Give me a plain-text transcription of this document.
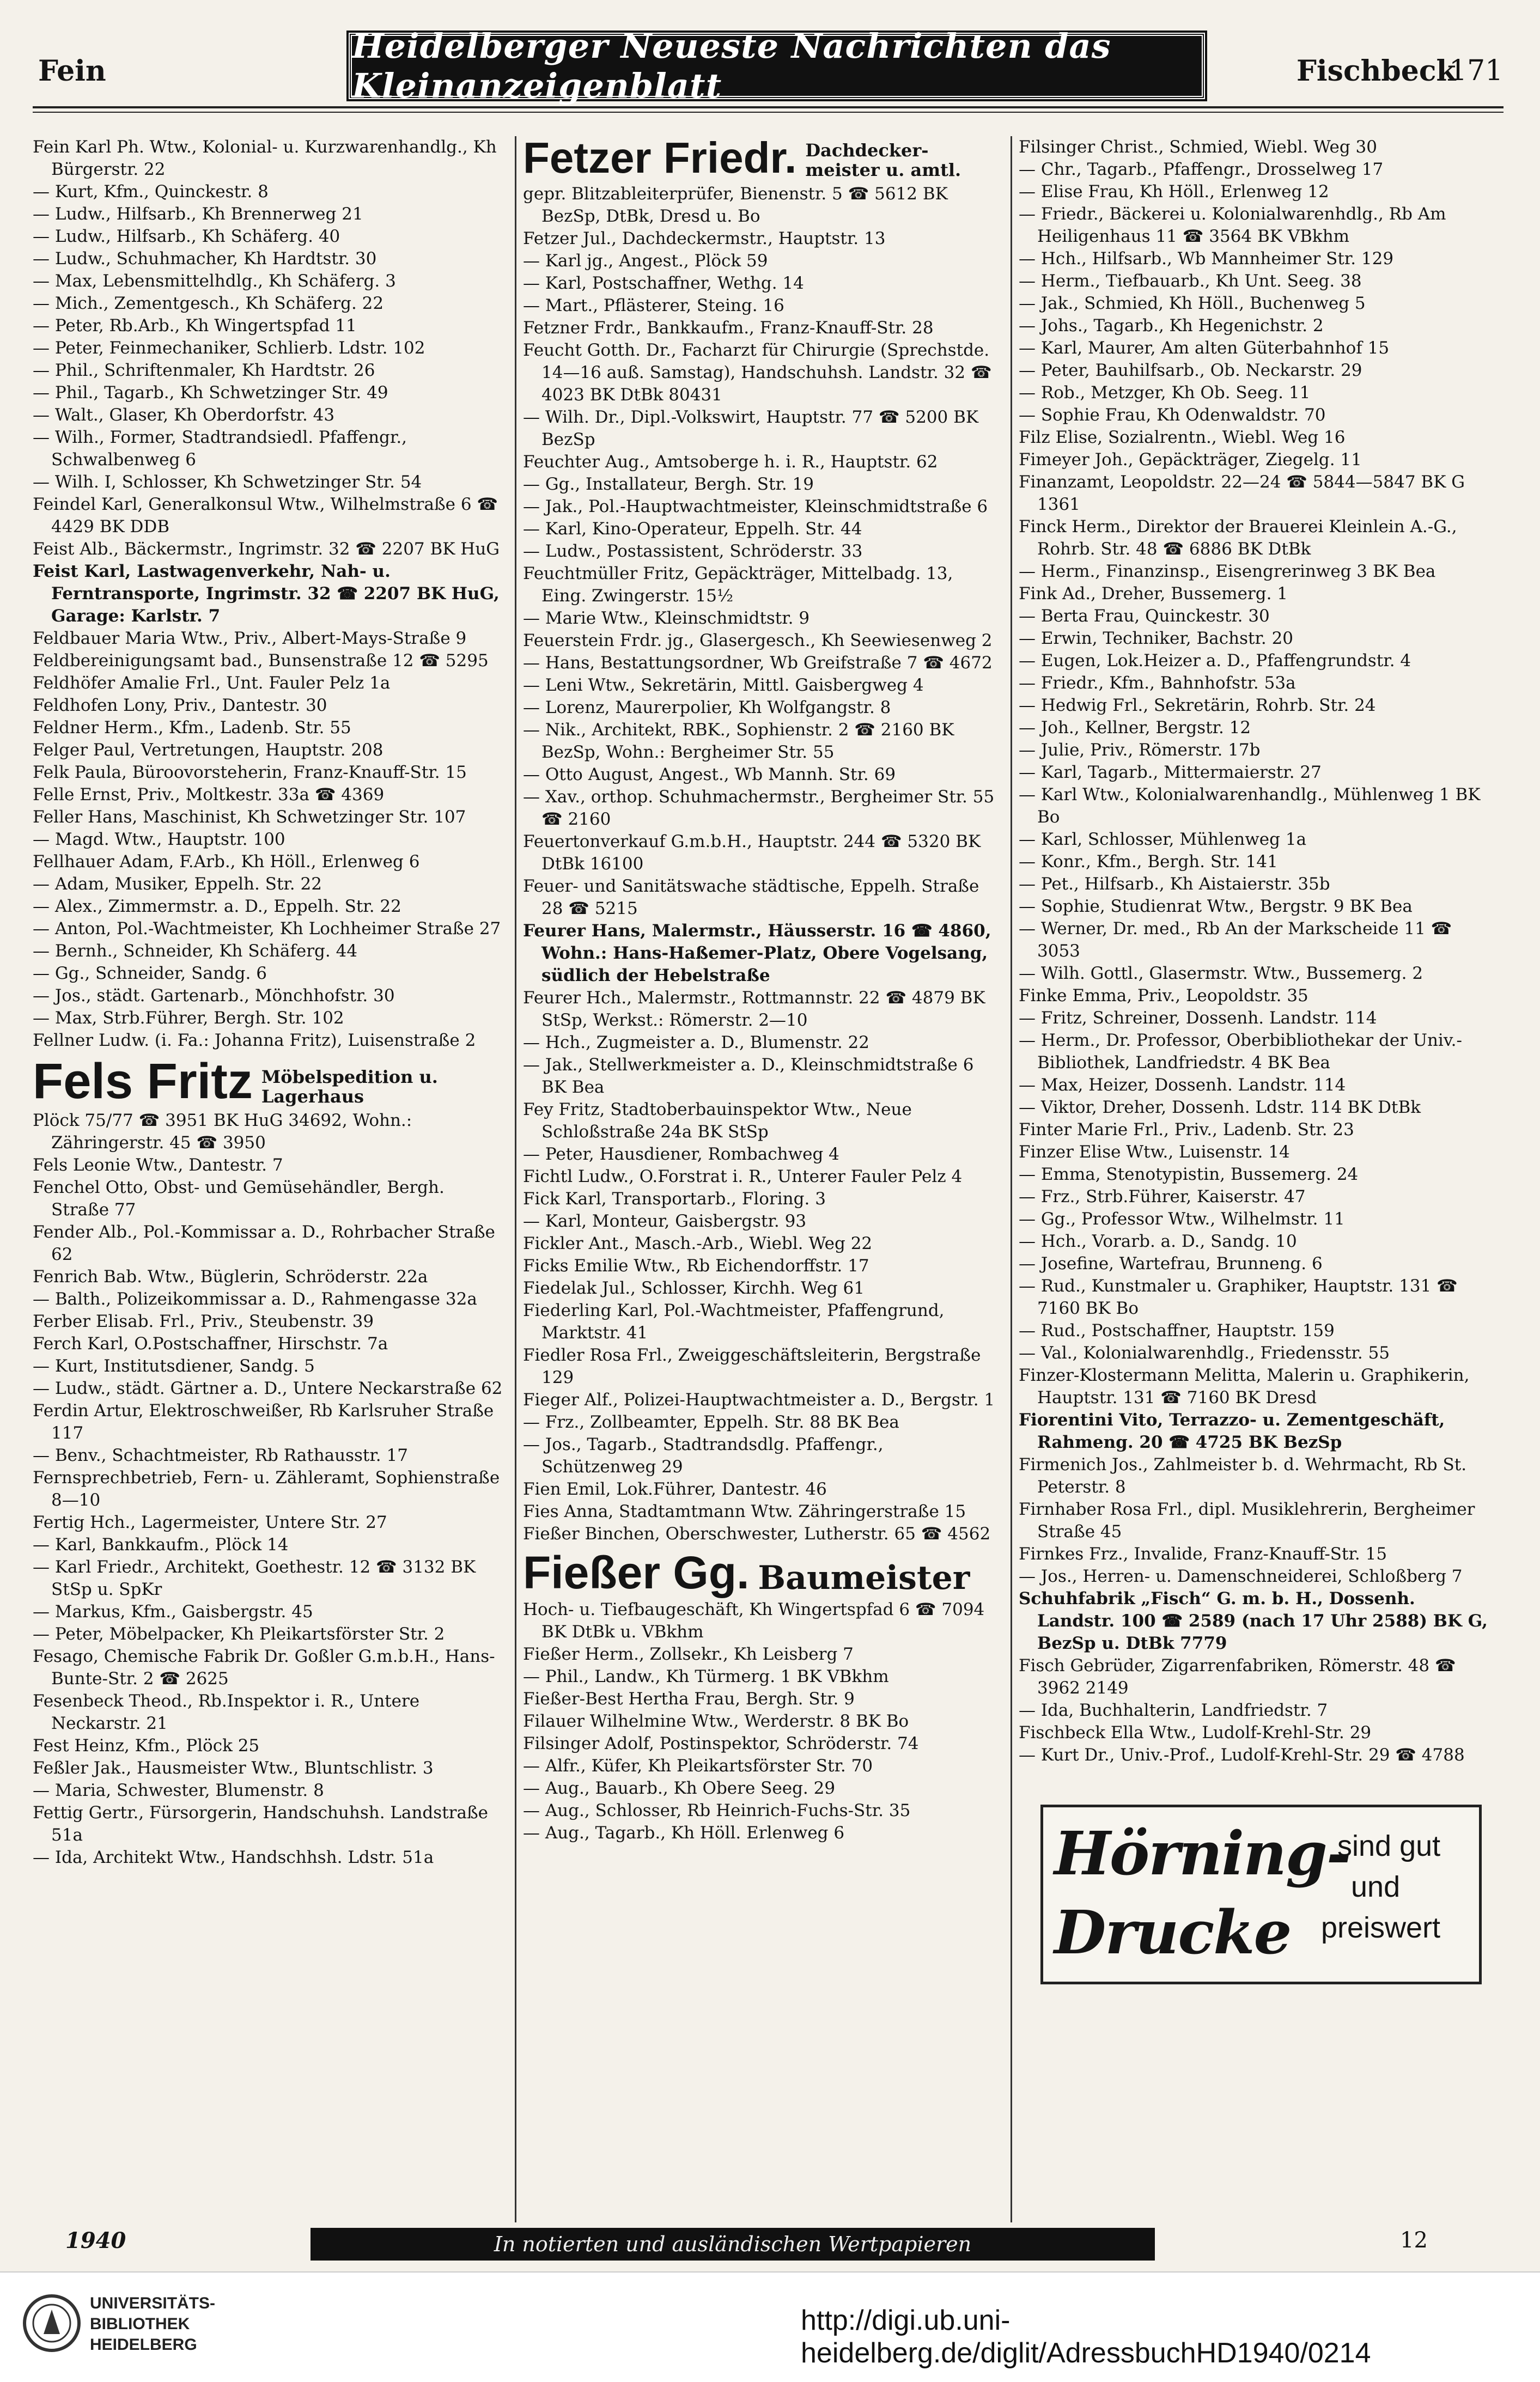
Fein
Heidelberger Neueste Nachrichten das Kleinanzeigenblatt	Fischbeck
171

Fein Karl Ph. Wtw., Kolonial- u. Kurzwarenhandlg., Kh Bürgerstr. 22

— Kurt, Kfm., Quinckestr. 8

— Ludw., Hilfsarb., Kh Brennerweg 21

— Ludw., Hilfsarb., Kh Schäferg. 40

— Ludw., Schuhmacher, Kh Hardtstr. 30

— Max, Lebensmittelhdlg., Kh Schäferg. 3

— Mich., Zementgesch., Kh Schäferg. 22

— Peter, Rb.Arb., Kh Wingertspfad 11

— Peter, Feinmechaniker, Schlierb. Ldstr. 102

— Phil., Schriftenmaler, Kh Hardtstr. 26

— Phil., Tagarb., Kh Schwetzinger Str. 49

— Walt., Glaser, Kh Oberdorfstr. 43

— Wilh., Former, Stadtrandsiedl. Pfaffengr., Schwalbenweg 6

— Wilh. I, Schlosser, Kh Schwetzinger Str. 54

Feindel Karl, Generalkonsul Wtw., Wilhelmstraße 6 ☎ 4429 BK DDB

Feist Alb., Bäckermstr., Ingrimstr. 32 ☎ 2207 BK HuG

Feist Karl, Lastwagenverkehr, Nah- u. Ferntransporte, Ingrimstr. 32 ☎ 2207 BK HuG, Garage: Karlstr. 7

Feldbauer Maria Wtw., Priv., Albert-Mays-Straße 9

Feldbereinigungsamt bad., Bunsenstraße 12 ☎ 5295

Feldhöfer Amalie Frl., Unt. Fauler Pelz 1a

Feldhofen Lony, Priv., Dantestr. 30

Feldner Herm., Kfm., Ladenb. Str. 55

Felger Paul, Vertretungen, Hauptstr. 208

Felk Paula, Büroovorsteherin, Franz-Knauff-Str. 15

Felle Ernst, Priv., Moltkestr. 33a ☎ 4369

Feller Hans, Maschinist, Kh Schwetzinger Str. 107

— Magd. Wtw., Hauptstr. 100

Fellhauer Adam, F.Arb., Kh Höll., Erlenweg 6

— Adam, Musiker, Eppelh. Str. 22

— Alex., Zimmermstr. a. D., Eppelh. Str. 22

— Anton, Pol.-Wachtmeister, Kh Lochheimer Straße 27

— Bernh., Schneider, Kh Schäferg. 44

— Gg., Schneider, Sandg. 6

— Jos., städt. Gartenarb., Mönchhofstr. 30

— Max, Strb.Führer, Bergh. Str. 102

Fellner Ludw. (i. Fa.: Johanna Fritz), Luisenstraße 2

Fels Fritz Möbelspedition u.
Lagerhaus

Plöck 75/77 ☎ 3951 BK HuG 34692, Wohn.: Zähringerstr. 45 ☎ 3950

Fels Leonie Wtw., Dantestr. 7

Fenchel Otto, Obst- und Gemüsehändler, Bergh. Straße 77

Fender Alb., Pol.-Kommissar a. D., Rohrbacher Straße 62

Fenrich Bab. Wtw., Büglerin, Schröderstr. 22a

— Balth., Polizeikommissar a. D., Rahmengasse 32a

Ferber Elisab. Frl., Priv., Steubenstr. 39

Ferch Karl, O.Postschaffner, Hirschstr. 7a

— Kurt, Institutsdiener, Sandg. 5

— Ludw., städt. Gärtner a. D., Untere Neckarstraße 62

Ferdin Artur, Elektroschweißer, Rb Karlsruher Straße 117

— Benv., Schachtmeister, Rb Rathausstr. 17

Fernsprechbetrieb, Fern- u. Zähleramt, Sophienstraße 8—10

Fertig Hch., Lagermeister, Untere Str. 27

— Karl, Bankkaufm., Plöck 14

— Karl Friedr., Architekt, Goethestr. 12 ☎ 3132 BK StSp u. SpKr

— Markus, Kfm., Gaisbergstr. 45

— Peter, Möbelpacker, Kh Pleikartsförster Str. 2

Fesago, Chemische Fabrik Dr. Goßler G.m.b.H., Hans-Bunte-Str. 2 ☎ 2625

Fesenbeck Theod., Rb.Inspektor i. R., Untere Neckarstr. 21

Fest Heinz, Kfm., Plöck 25

Feßler Jak., Hausmeister Wtw., Bluntschlistr. 3

— Maria, Schwester, Blumenstr. 8

Fettig Gertr., Fürsorgerin, Handschuhsh. Landstraße 51a

— Ida, Architekt Wtw., Handschhsh. Ldstr. 51a

Fetzer Friedr. Dachdecker-
meister u. amtl.

gepr. Blitzableiterprüfer, Bienenstr. 5 ☎ 5612 BK BezSp, DtBk, Dresd u. Bo

Fetzer Jul., Dachdeckermstr., Hauptstr. 13

— Karl jg., Angest., Plöck 59

— Karl, Postschaffner, Wethg. 14

— Mart., Pflästerer, Steing. 16

Fetzner Frdr., Bankkaufm., Franz-Knauff-Str. 28

Feucht Gotth. Dr., Facharzt für Chirurgie (Sprechstde. 14—16 auß. Samstag), Handschuhsh. Landstr. 32 ☎ 4023 BK DtBk 80431

— Wilh. Dr., Dipl.-Volkswirt, Hauptstr. 77 ☎ 5200 BK BezSp

Feuchter Aug., Amtsoberge h. i. R., Hauptstr. 62

— Gg., Installateur, Bergh. Str. 19

— Jak., Pol.-Hauptwachtmeister, Kleinschmidtstraße 6

— Karl, Kino-Operateur, Eppelh. Str. 44

— Ludw., Postassistent, Schröderstr. 33

Feuchtmüller Fritz, Gepäckträger, Mittelbadg. 13, Eing. Zwingerstr. 15½

— Marie Wtw., Kleinschmidtstr. 9

Feuerstein Frdr. jg., Glasergesch., Kh Seewiesenweg 2

— Hans, Bestattungsordner, Wb Greifstraße 7 ☎ 4672

— Leni Wtw., Sekretärin, Mittl. Gaisbergweg 4

— Lorenz, Maurerpolier, Kh Wolfgangstr. 8

— Nik., Architekt, RBK., Sophienstr. 2 ☎ 2160 BK BezSp, Wohn.: Bergheimer Str. 55

— Otto August, Angest., Wb Mannh. Str. 69

— Xav., orthop. Schuhmachermstr., Bergheimer Str. 55 ☎ 2160

Feuertonverkauf G.m.b.H., Hauptstr. 244 ☎ 5320 BK DtBk 16100

Feuer- und Sanitätswache städtische, Eppelh. Straße 28 ☎ 5215

Feurer Hans, Malermstr., Häusserstr. 16 ☎ 4860, Wohn.: Hans-Haßemer-Platz, Obere Vogelsang, südlich der Hebelstraße

Feurer Hch., Malermstr., Rottmannstr. 22 ☎ 4879 BK StSp, Werkst.: Römerstr. 2—10

— Hch., Zugmeister a. D., Blumenstr. 22

— Jak., Stellwerkmeister a. D., Kleinschmidtstraße 6 BK Bea

Fey Fritz, Stadtoberbauinspektor Wtw., Neue Schloßstraße 24a BK StSp

— Peter, Hausdiener, Rombachweg 4

Fichtl Ludw., O.Forstrat i. R., Unterer Fauler Pelz 4

Fick Karl, Transportarb., Floring. 3

— Karl, Monteur, Gaisbergstr. 93

Fickler Ant., Masch.-Arb., Wiebl. Weg 22

Ficks Emilie Wtw., Rb Eichendorffstr. 17

Fiedelak Jul., Schlosser, Kirchh. Weg 61

Fiederling Karl, Pol.-Wachtmeister, Pfaffengrund, Marktstr. 41

Fiedler Rosa Frl., Zweiggeschäftsleiterin, Bergstraße 129

Fieger Alf., Polizei-Hauptwachtmeister a. D., Bergstr. 1

— Frz., Zollbeamter, Eppelh. Str. 88 BK Bea

— Jos., Tagarb., Stadtrandsdlg. Pfaffengr., Schützenweg 29

Fien Emil, Lok.Führer, Dantestr. 46

Fies Anna, Stadtamtmann Wtw. Zähringerstraße 15

Fießer Binchen, Oberschwester, Lutherstr. 65 ☎ 4562

Fießer Gg. Baumeister

Hoch- u. Tiefbaugeschäft, Kh Wingertspfad 6 ☎ 7094 BK DtBk u. VBkhm

Fießer Herm., Zollsekr., Kh Leisberg 7

— Phil., Landw., Kh Türmerg. 1 BK VBkhm

Fießer-Best Hertha Frau, Bergh. Str. 9

Filauer Wilhelmine Wtw., Werderstr. 8 BK Bo

Filsinger Adolf, Postinspektor, Schröderstr. 74

— Alfr., Küfer, Kh Pleikartsförster Str. 70

— Aug., Bauarb., Kh Obere Seeg. 29

— Aug., Schlosser, Rb Heinrich-Fuchs-Str. 35

— Aug., Tagarb., Kh Höll. Erlenweg 6

Filsinger Christ., Schmied, Wiebl. Weg 30

— Chr., Tagarb., Pfaffengr., Drosselweg 17

— Elise Frau, Kh Höll., Erlenweg 12

— Friedr., Bäckerei u. Kolonialwarenhdlg., Rb Am Heiligenhaus 11 ☎ 3564 BK VBkhm

— Hch., Hilfsarb., Wb Mannheimer Str. 129

— Herm., Tiefbauarb., Kh Unt. Seeg. 38

— Jak., Schmied, Kh Höll., Buchenweg 5

— Johs., Tagarb., Kh Hegenichstr. 2

— Karl, Maurer, Am alten Güterbahnhof 15

— Peter, Bauhilfsarb., Ob. Neckarstr. 29

— Rob., Metzger, Kh Ob. Seeg. 11

— Sophie Frau, Kh Odenwaldstr. 70

Filz Elise, Sozialrentn., Wiebl. Weg 16

Fimeyer Joh., Gepäckträger, Ziegelg. 11

Finanzamt, Leopoldstr. 22—24 ☎ 5844—5847 BK G 1361

Finck Herm., Direktor der Brauerei Kleinlein A.-G., Rohrb. Str. 48 ☎ 6886 BK DtBk

— Herm., Finanzinsp., Eisengrerinweg 3 BK Bea

Fink Ad., Dreher, Bussemerg. 1

— Berta Frau, Quinckestr. 30

— Erwin, Techniker, Bachstr. 20

— Eugen, Lok.Heizer a. D., Pfaffengrundstr. 4

— Friedr., Kfm., Bahnhofstr. 53a

— Hedwig Frl., Sekretärin, Rohrb. Str. 24

— Joh., Kellner, Bergstr. 12

— Julie, Priv., Römerstr. 17b

— Karl, Tagarb., Mittermaierstr. 27

— Karl Wtw., Kolonialwarenhandlg., Mühlenweg 1 BK Bo

— Karl, Schlosser, Mühlenweg 1a

— Konr., Kfm., Bergh. Str. 141

— Pet., Hilfsarb., Kh Aistaierstr. 35b

— Sophie, Studienrat Wtw., Bergstr. 9 BK Bea

— Werner, Dr. med., Rb An der Markscheide 11 ☎ 3053

— Wilh. Gottl., Glasermstr. Wtw., Bussemerg. 2

Finke Emma, Priv., Leopoldstr. 35

— Fritz, Schreiner, Dossenh. Landstr. 114

— Herm., Dr. Professor, Oberbibliothekar der Univ.-Bibliothek, Landfriedstr. 4 BK Bea

— Max, Heizer, Dossenh. Landstr. 114

— Viktor, Dreher, Dossenh. Ldstr. 114 BK DtBk

Finter Marie Frl., Priv., Ladenb. Str. 23

Finzer Elise Wtw., Luisenstr. 14

— Emma, Stenotypistin, Bussemerg. 24

— Frz., Strb.Führer, Kaiserstr. 47

— Gg., Professor Wtw., Wilhelmstr. 11

— Hch., Vorarb. a. D., Sandg. 10

— Josefine, Wartefrau, Brunneng. 6

— Rud., Kunstmaler u. Graphiker, Hauptstr. 131 ☎ 7160 BK Bo

— Rud., Postschaffner, Hauptstr. 159

— Val., Kolonialwarenhdlg., Friedensstr. 55

Finzer-Klostermann Melitta, Malerin u. Graphikerin, Hauptstr. 131 ☎ 7160 BK Dresd

Fiorentini Vito, Terrazzo- u. Zementgeschäft, Rahmeng. 20 ☎ 4725 BK BezSp

Firmenich Jos., Zahlmeister b. d. Wehrmacht, Rb St. Peterstr. 8

Firnhaber Rosa Frl., dipl. Musiklehrerin, Bergheimer Straße 45

Firnkes Frz., Invalide, Franz-Knauff-Str. 15

— Jos., Herren- u. Damenschneiderei, Schloßberg 7

Schuhfabrik „Fisch“ G. m. b. H., Dossenh. Landstr. 100 ☎ 2589 (nach 17 Uhr 2588) BK G, BezSp u. DtBk 7779

Fisch Gebrüder, Zigarrenfabriken, Römerstr. 48 ☎ 3962 2149

— Ida, Buchhalterin, Landfriedstr. 7

Fischbeck Ella Wtw., Ludolf-Krehl-Str. 29

— Kurt Dr., Univ.-Prof., Ludolf-Krehl-Str. 29 ☎ 4788

Hörning-
Drucke
sind gut
und
preiswert
1940	In notierten und ausländischen Wertpapieren	12
UNIVERSITÄTS-
BIBLIOTHEK
HEIDELBERG
http://digi.ub.uni-heidelberg.de/diglit/AdressbuchHD1940/0214
